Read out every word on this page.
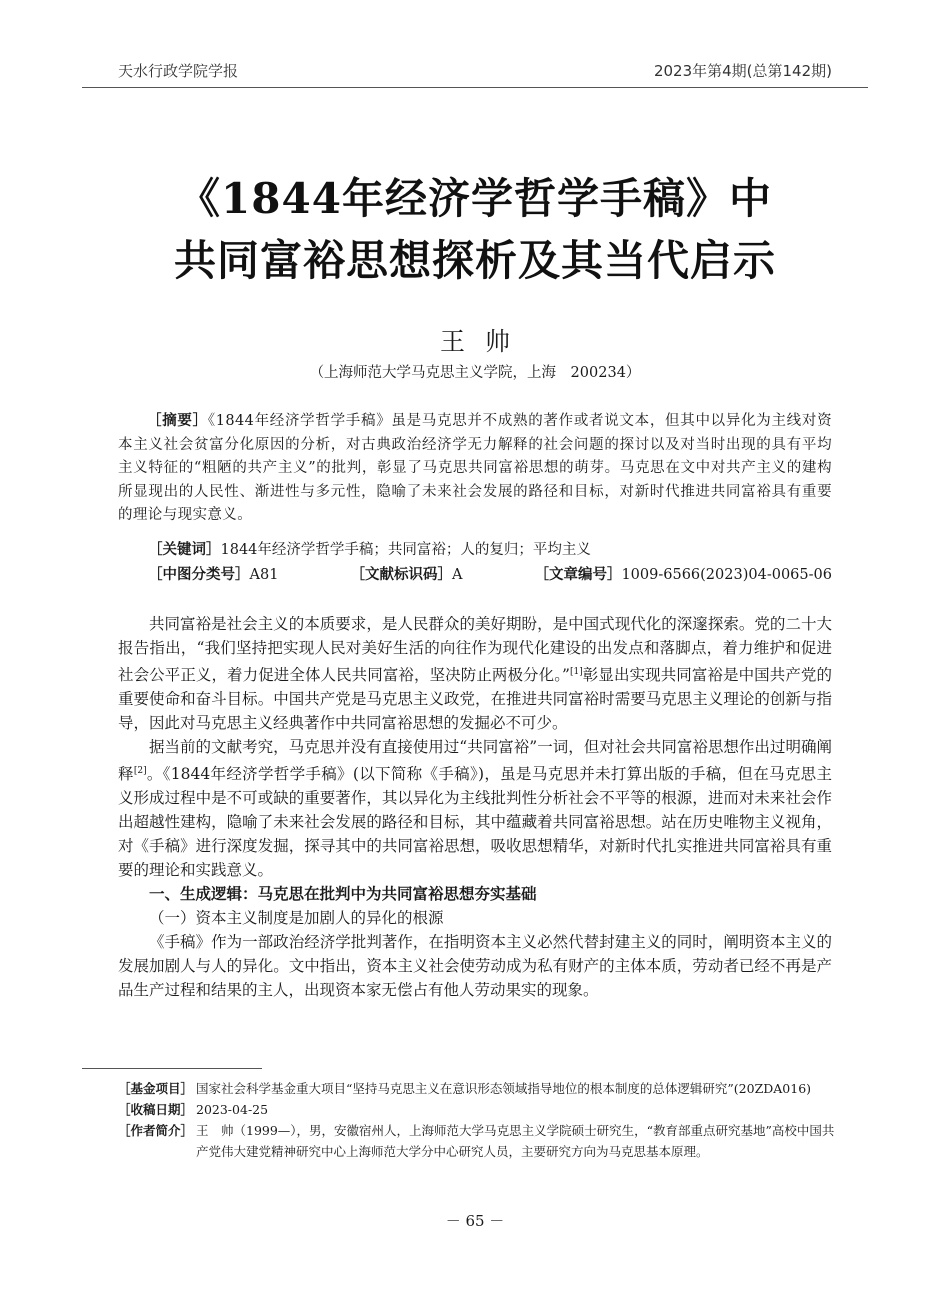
天水行政学院学报	2023年第4期(总第142期)
《1844年经济学哲学手稿》中
共同富裕思想探析及其当代启示
王帅
（上海师范大学马克思主义学院，上海　200234）

［摘要］《1844年经济学哲学手稿》虽是马克思并不成熟的著作或者说文本，但其中以异化为主线对资本主义社会贫富分化原因的分析，对古典政治经济学无力解释的社会问题的探讨以及对当时出现的具有平均主义特征的“粗陋的共产主义”的批判，彰显了马克思共同富裕思想的萌芽。马克思在文中对共产主义的建构所显现出的人民性、渐进性与多元性，隐喻了未来社会发展的路径和目标，对新时代推进共同富裕具有重要的理论与现实意义。

［关键词］1844年经济学哲学手稿；共同富裕；人的复归；平均主义
［中图分类号］A81	［文献标识码］A	［文章编号］1009-6566(2023)04-0065-06

共同富裕是社会主义的本质要求，是人民群众的美好期盼，是中国式现代化的深邃探索。党的二十大报告指出，“我们坚持把实现人民对美好生活的向往作为现代化建设的出发点和落脚点，着力维护和促进社会公平正义，着力促进全体人民共同富裕，坚决防止两极分化。”[1]彰显出实现共同富裕是中国共产党的重要使命和奋斗目标。中国共产党是马克思主义政党，在推进共同富裕时需要马克思主义理论的创新与指导，因此对马克思主义经典著作中共同富裕思想的发掘必不可少。

据当前的文献考究，马克思并没有直接使用过“共同富裕”一词，但对社会共同富裕思想作出过明确阐释[2]。《1844年经济学哲学手稿》(以下简称《手稿》)，虽是马克思并未打算出版的手稿，但在马克思主义形成过程中是不可或缺的重要著作，其以异化为主线批判性分析社会不平等的根源，进而对未来社会作出超越性建构，隐喻了未来社会发展的路径和目标，其中蕴藏着共同富裕思想。站在历史唯物主义视角，对《手稿》进行深度发掘，探寻其中的共同富裕思想，吸收思想精华，对新时代扎实推进共同富裕具有重要的理论和实践意义。

一、生成逻辑：马克思在批判中为共同富裕思想夯实基础

（一）资本主义制度是加剧人的异化的根源

《手稿》作为一部政治经济学批判著作，在指明资本主义必然代替封建主义的同时，阐明资本主义的发展加剧人与人的异化。文中指出，资本主义社会使劳动成为私有财产的主体本质，劳动者已经不再是产品生产过程和结果的主人，出现资本家无偿占有他人劳动果实的现象。

［基金项目］ 国家社会科学基金重大项目“坚持马克思主义在意识形态领域指导地位的根本制度的总体逻辑研究”(20ZDA016)
［收稿日期］ 2023-04-25
［作者简介］ 王　帅（1999—），男，安徽宿州人，上海师范大学马克思主义学院硕士研究生，“教育部重点研究基地”高校中国共产党伟大建党精神研究中心上海师范大学分中心研究人员，主要研究方向为马克思基本原理。
－ 65 －
